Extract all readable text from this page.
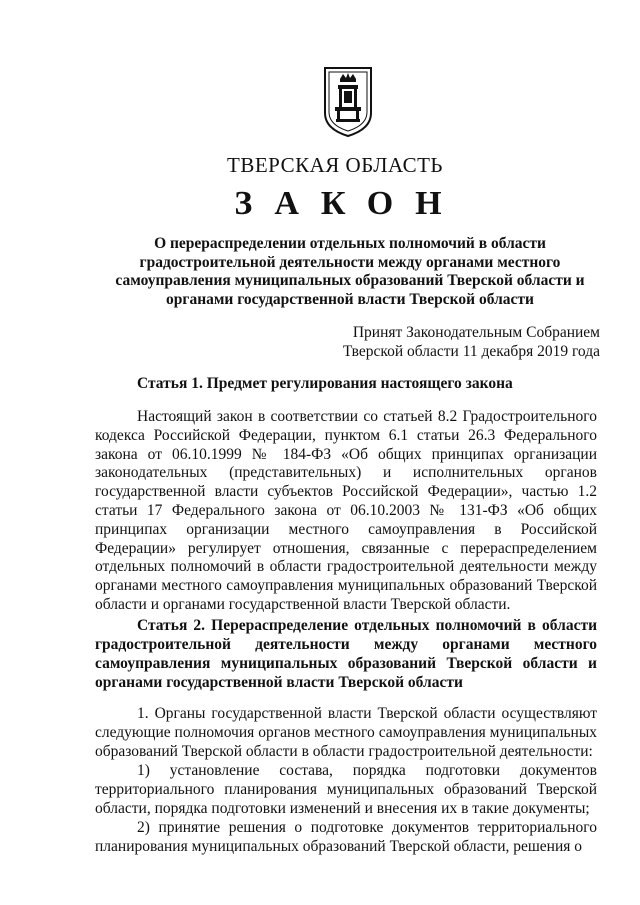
ТВЕРСКАЯ ОБЛАСТЬ
ЗАКОН
О перераспределении отдельных полномочий в области градостроительной деятельности между органами местного самоуправления муниципальных образований Тверской области и органами государственной власти Тверской области
Принят Законодательным Собранием
Тверской области 11 декабря 2019 года
Статья 1. Предмет регулирования настоящего закона
Настоящий закон в соответствии со статьей 8.2 Градостроительного кодекса Российской Федерации, пунктом 6.1 статьи 26.3 Федерального закона от 06.10.1999 № 184-ФЗ «Об общих принципах организации законодательных (представительных) и исполнительных органов государственной власти субъектов Российской Федерации», частью 1.2 статьи 17 Федерального закона от 06.10.2003 № 131-ФЗ «Об общих принципах организации местного самоуправления в Российской Федерации» регулирует отношения, связанные с перераспределением отдельных полномочий в области градостроительной деятельности между органами местного самоуправления муниципальных образований Тверской области и органами государственной власти Тверской области.
Статья 2. Перераспределение отдельных полномочий в области градостроительной деятельности между органами местного самоуправления муниципальных образований Тверской области и органами государственной власти Тверской области
1. Органы государственной власти Тверской области осуществляют следующие полномочия органов местного самоуправления муниципальных образований Тверской области в области градостроительной деятельности:
1) установление состава, порядка подготовки документов территориального планирования муниципальных образований Тверской области, порядка подготовки изменений и внесения их в такие документы;
2) принятие решения о подготовке документов территориального планирования муниципальных образований Тверской области, решения о
